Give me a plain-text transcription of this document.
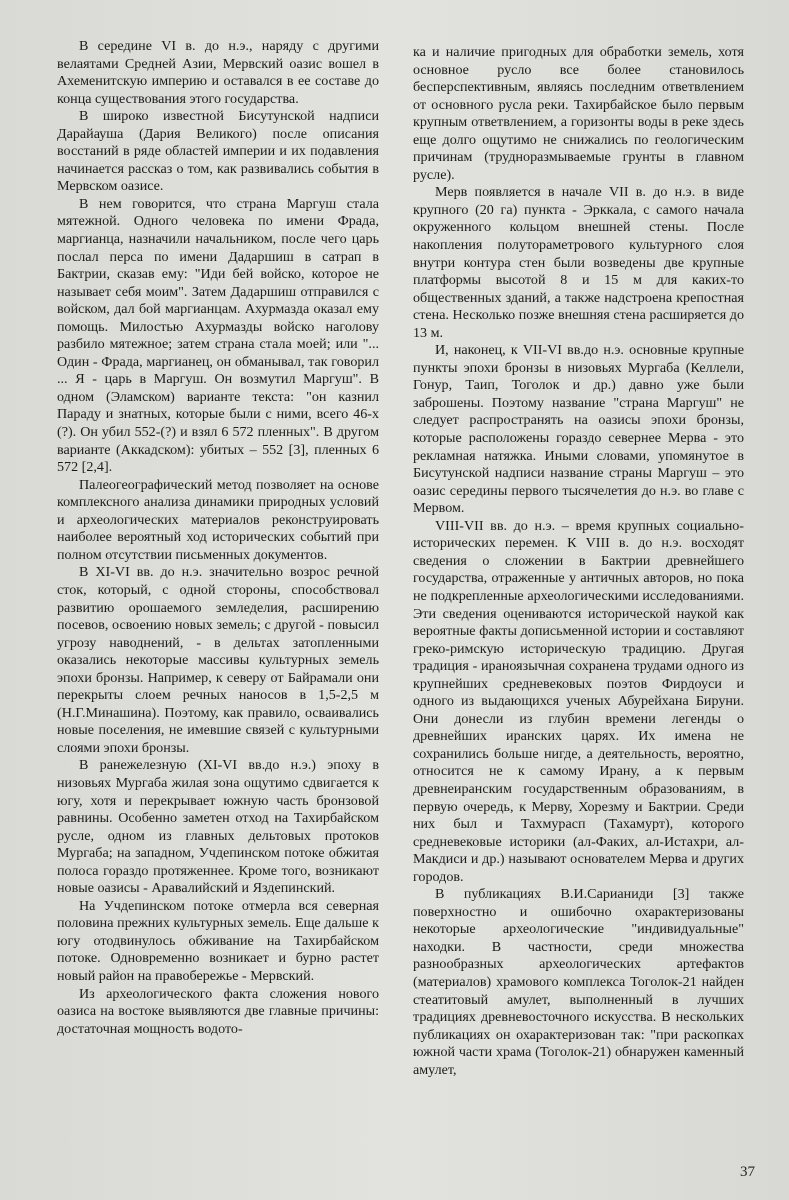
В середине VI в. до н.э., наряду с другими велаятами Средней Азии, Мервский оазис вошел в Ахеменитскую империю и оставался в ее составе до конца существования этого государства.

В широко известной Бисутунской надписи Дарайауша (Дария Великого) после описания восстаний в ряде областей империи и их подавления начинается рассказ о том, как развивались события в Мервском оазисе.

В нем говорится, что страна Маргуш стала мятежной. Одного человека по имени Фрада, маргианца, назначили начальником, после чего царь послал перса по имени Дадаршиш в сатрап в Бактрии, сказав ему: "Иди бей войско, которое не называет себя моим". Затем Дадаршиш отправился с войском, дал бой маргианцам. Ахурмазда оказал ему помощь. Милостью Ахурмазды войско наголову разбило мятежное; затем страна стала моей; или "... Один - Фрада, маргианец, он обманывал, так говорил ... Я - царь в Маргуш. Он возмутил Маргуш". В одном (Эламском) варианте текста: "он казнил Параду и знатных, которые были с ними, всего 46-х (?). Он убил 552-(?) и взял 6 572 пленных". В другом варианте (Аккадском): убитых – 552 [3], пленных 6 572 [2,4].

Палеогеографический метод позволяет на основе комплексного анализа динамики природных условий и археологических материалов реконструировать наиболее вероятный ход исторических событий при полном отсутствии письменных документов.

В XI-VI вв. до н.э. значительно возрос речной сток, который, с одной стороны, способствовал развитию орошаемого земледелия, расширению посевов, освоению новых земель; с другой - повысил угрозу наводнений, - в дельтах затопленными оказались некоторые массивы культурных земель эпохи бронзы. Например, к северу от Байрамали они перекрыты слоем речных наносов в 1,5-2,5 м (Н.Г.Минашина). Поэтому, как правило, осваивались новые поселения, не имевшие связей с культурными слоями эпохи бронзы.

В ранежелезную (XI-VI вв.до н.э.) эпоху в низовьях Мургаба жилая зона ощутимо сдвигается к югу, хотя и перекрывает южную часть бронзовой равнины. Особенно заметен отход на Тахирбайском русле, одном из главных дельтовых протоков Мургаба; на западном, Учдепинском потоке обжитая полоса гораздо протяженнее. Кроме того, возникают новые оазисы - Аравалийский и Яздепинский.

На Учдепинском потоке отмерла вся северная половина прежних культурных земель. Еще дальше к югу отодвинулось обживание на Тахирбайском потоке. Одновременно возникает и бурно растет новый район на правобережье - Мервский.

Из археологического факта сложения нового оазиса на востоке выявляются две главные причины: достаточная мощность водото-

ка и наличие пригодных для обработки земель, хотя основное русло все более становилось бесперспективным, являясь последним ответвлением от основного русла реки. Тахирбайское было первым крупным ответвлением, а горизонты воды в реке здесь еще долго ощутимо не снижались по геологическим причинам (трудноразмываемые грунты в главном русле).

Мерв появляется в начале VII в. до н.э. в виде крупного (20 га) пункта - Эрккала, с самого начала окруженного кольцом внешней стены. После накопления полутораметрового культурного слоя внутри контура стен были возведены две крупные платформы высотой 8 и 15 м для каких-то общественных зданий, а также надстроена крепостная стена. Несколько позже внешняя стена расширяется до 13 м.

И, наконец, к VII-VI вв.до н.э. основные крупные пункты эпохи бронзы в низовьях Мургаба (Келлели, Гонур, Таип, Тоголок и др.) давно уже были заброшены. Поэтому название "страна Маргуш" не следует распространять на оазисы эпохи бронзы, которые расположены гораздо севернее Мерва - это рекламная натяжка. Иными словами, упомянутое в Бисутунской надписи название страны Маргуш – это оазис середины первого тысячелетия до н.э. во главе с Мервом.

VIII-VII вв. до н.э. – время крупных социально-исторических перемен. К VIII в. до н.э. восходят сведения о сложении в Бактрии древнейшего государства, отраженные у античных авторов, но пока не подкрепленные археологическими исследованиями. Эти сведения оцениваются исторической наукой как вероятные факты дописьменной истории и составляют греко-римскую историческую традицию. Другая традиция - ираноязычная сохранена трудами одного из крупнейших средневековых поэтов Фирдоуси и одного из выдающихся ученых Абурейхана Бируни. Они донесли из глубин времени легенды о древнейших иранских царях. Их имена не сохранились больше нигде, а деятельность, вероятно, относится не к самому Ирану, а к первым древнеиранским государственным образованиям, в первую очередь, к Мерву, Хорезму и Бактрии. Среди них был и Тахмурасп (Тахамурт), которого средневековые историки (ал-Факих, ал-Истахри, ал-Макдиси и др.) называют основателем Мерва и других городов.

В публикациях В.И.Сарианиди [3] также поверхностно и ошибочно охарактеризованы некоторые археологические "индивидуальные" находки. В частности, среди множества разнообразных археологических артефактов (материалов) храмового комплекса Тоголок-21 найден стеатитовый амулет, выполненный в лучших традициях древневосточного искусства. В нескольких публикациях он охарактеризован так: "при раскопках южной части храма (Тоголок-21) обнаружен каменный амулет,

37
